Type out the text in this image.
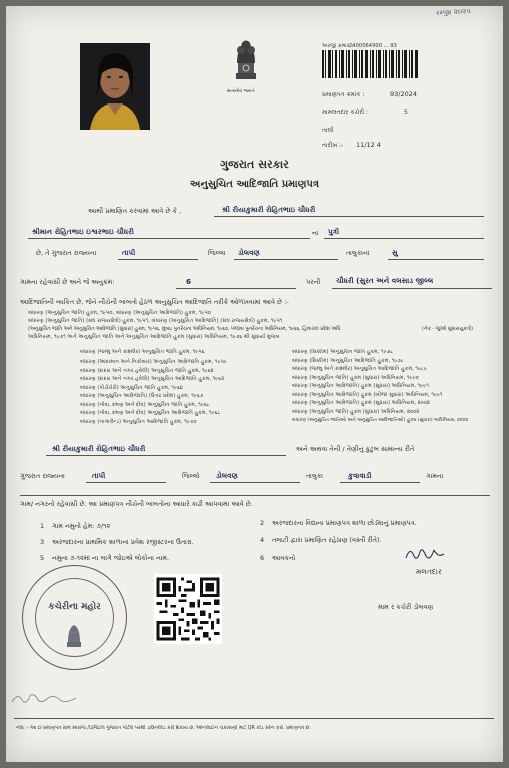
રમ્પુ૪ ૨૦૨૫
સત્યમેવ જયતે
અરજી ક્રમાંક :
2400064900 ... 93
પ્રમાણપત્ર ક્રમાંક :	93/2024
મામલતદાર કચેરી :	5
તાલી
તારીખ :- 11/12 4
ગુજરાત સરકાર
અનુસુચિત આદિજાતિ પ્રમાણપત્ર
આથી પ્રમાણિત કરવામાં આવે છે કે ,	શ્રી રીયાકુમારી રોહિતભાઇ ચૌધરી
શ્રીમાન રોહિતભાઇ ઇશ્વરભાઇ ચૌધરી	ના પુત્રી
છે, તે ગુજરાત રાજ્યના	તાપી	જિલ્લા ડોલવણ	તાલુકાનાં	સુ
ગામના રહેવાસી છે અને જે અનુક્રમ:	6	પરની ચૌધરી (સુરત અને વલસાડ જીલ્લ
આદિજાતિની વ્યકિત છે, જેને નીચેની બાબતો હેઠળ અનુસુચિત આદિજાતિ તરીકે ઓળખવામાં આવે છે :-
બંધારણ (અનુસુચિત જાતિ) હુકમ, ૧૯૫૦, બંધારણ (અનુસુચિત આદિજાતિ) હુકમ, ૧૯૫૦
બંધારણ (અનુસુચિત જાતિ) (સંઘ રાજયક્ષેત્રો) હુકમ, ૧૯૫૧, બંધારણ (અનુસુચિત આદિજાતિ) (સંઘ રાજયક્ષેત્રો) હુકમ, ૧૯૫૧
(અનુસુચિત જાતિ અને અનુસુચિત આદિજાતિ (સુધારા) હુકમ, ૧૯૫૬, મુંબઇ પુનર્રચના અધિનિયમ, ૧૯૬૦, પંજાબ પુનર્રચના અધિનિયમ, ૧૯૬૬, હિમાચલ પ્રદેશ અધિ
અધિનિયમ, ૧૯૭૧ અને અનુસુચિત જાતિ અને અનુસુચિત આદિજાતિ હુકમ (સુધારા) અધિનિયમ, ૧૯૭૬ થી સુધાર્યા મુજબ
(નેક - જુઓ સુધારાયુકતો)
બંધારણ (જમ્મુ અને કાશ્મીર) અનુસુચિત જાતિ હુકમ, ૧૯૫૬
બંધારણ (આંદામાન અને નિકોબાર) અનુસુચિત આદિજાતિ હુકમ, ૧૯૫૯
બંધારણ (દાદરા અને નગર હવેલી) અનુસુચિત જાતિ હુકમ, ૧૯૬૨
બંધારણ (દાદરા અને નગર હવેલી) અનુસુચિત આદિજાતિ હુકમ, ૧૯૬૨
બંધારણ (પોંડીચેરી) અનુસુચિત જાતિ હુકમ, ૧૯૬૪
બંધારણ (અનુસુચિત આદિજાતિ) (ઉત્તર પ્રદેશ) હુકમ, ૧૯૬૭
બંધારણ (ગોવા, દમણ અને દીવ) અનુસુચિત જાતિ હુકમ, ૧૯૬૮
બંધારણ (ગોવા, દમણ અને દીવ) અનુસુચિત આદિજાતિ હુકમ, ૧૯૬૮
બંધારણ (નાગાલેન્ડ) અનુસુચિત આદિજાતિ હુકમ, ૧૯૭૦
બંધારણ (સિક્કીમ) અનુસુચિત જાતિ હુકમ, ૧૯૭૮
બંધારણ (સિક્કીમ) અનુસુચિત આદિજાતિ હુકમ, ૧૯૭૮
બંધારણ (જમ્મુ અને કાશ્મીર) અનુસુચિત આદિજાતિ હુકમ, ૧૯૮૯
બંધારણ (અનુસુચિત જાતિ) હુકમ (સુધારા) અધિનિયમ, ૧૯૯૦
બંધારણ (અનુસુચિત આદિજાતિ) હુકમ (સુધારા) અધિનિયમ, ૧૯૯૧
બંધારણ (અનુસુચિત આદિજાતિ) હુકમ (બીજા સુધારા) અધિનિયમ, ૧૯૯૧
બંધારણ (અનુસુચિત આદિજાતિ) હુકમ (સુધારા) અધિનિયમ, ૨૦૦૨
બંધારણ (અનુસુચિત જાતિ) હુકમ (સુધારા) અધિનિયમ, ૨૦૦૨
બંધારણ (અનુસુચિત જાતિઓ અને અનુસુચિત આદિજાતિઓ) હુકમ (સુધારા) અધિનિયમ, ૨૦૦૨
શ્રી રીયાકુમારી રોહિતભાઇ ચૌધરી	અને અથવા તેની / તેણીનું કુટુંબ સામાન્ય રીતે
ગુજરાત રાજ્યના	તાપી	જિલ્લો ડોલવણ	તાલુકા	કુવાવાડી	ગામના
ગામ/ નગરનો રહેવાસી છે. આ પ્રમાણપત્ર નીચેની બાબતોના આધારે કાઢી આપવામાં આવે છે.
1 ગામ નમુનો હેમ: ૭/૧૨	2 અરજદારના વિદ્યાના પ્રમાણપત્ર શાળા છોડ્યાનું પ્રમાણપત્ર.
3 અરજદારના પ્રાથમિક શાળાના પ્રવેશ રજીસ્ટરના ઉતારા.	4 તલાટી દ્વારા પ્રમાણિત રહેઠાણ (વસ્તી રીતે).
5 નમુના ૭-૧૨માં ના લાગે જોઇએ લોકોના નામ.	6 આવકનો
મલતદાર
મામ ર કચેરી ડોલવણ
કચેરીના મહોર
નોંધ :- આ ઈ-પ્રમાણપત્ર ગ્રામ સ્વરાજ /ડિજિટલ ગુજરાત પોર્ટલ પરથી ડાઉનલોડ કરી શકાય છે. ઓનલાઈન ચકાસણી માટે QR કોડ સ્કેન કરો. પ્રમાણપત્ર છે.
